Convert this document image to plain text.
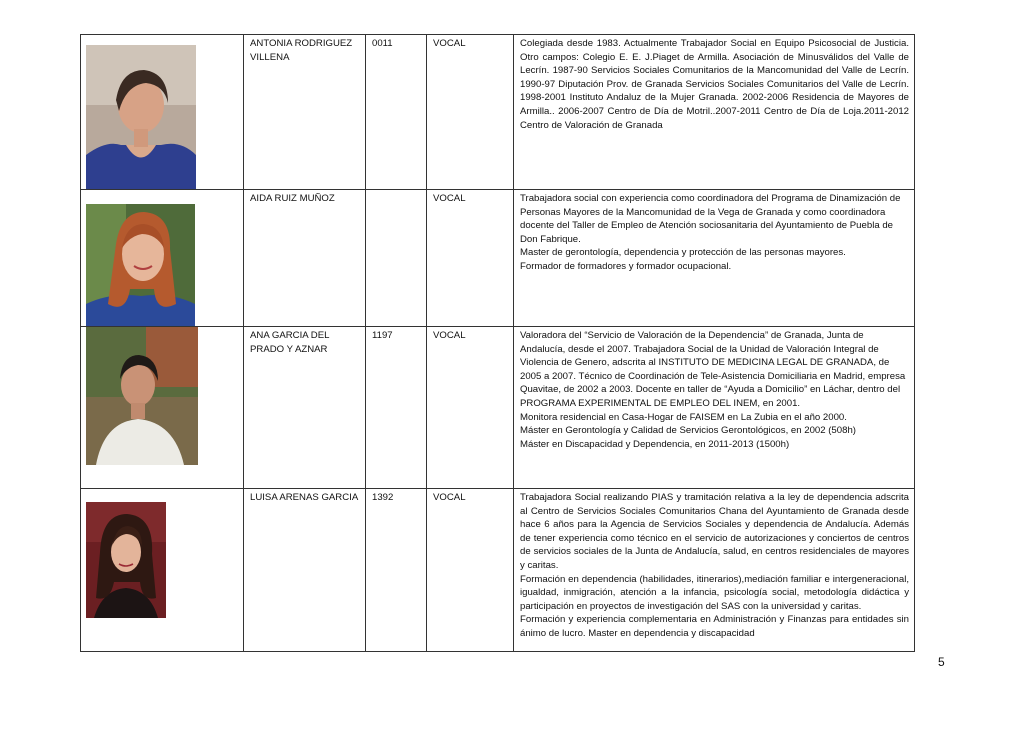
	ANTONIA RODRIGUEZ VILLENA	0011	VOCAL	Colegiada desde 1983. Actualmente Trabajador Social en Equipo Psicosocial de Justicia. Otro campos: Colegio E. E. J.Piaget de Armilla. Asociación de Minusválidos del Valle de Lecrín. 1987-90 Servicios Sociales Comunitarios de la Mancomunidad del Valle de Lecrín. 1990-97 Diputación Prov. de Granada Servicios Sociales Comunitarios del Valle de Lecrín. 1998-2001 Instituto Andaluz de la Mujer Granada. 2002-2006 Residencia de Mayores de Armilla.. 2006-2007 Centro de Día de Motril..2007-2011 Centro de Día de Loja.2011-2012 Centro de Valoración de Granada

	AIDA RUIZ MUÑOZ		VOCAL	Trabajadora social con experiencia como coordinadora del Programa de Dinamización de Personas Mayores de la Mancomunidad de la Vega de Granada y como coordinadora docente del Taller de Empleo de Atención sociosanitaria del Ayuntamiento de Puebla de Don Fabrique.
Master de gerontología, dependencia y protección de las personas mayores.
Formador de formadores y formador ocupacional.

	ANA GARCIA DEL PRADO Y AZNAR	1197	VOCAL	Valoradora del “Servicio de Valoración de la Dependencia” de Granada, Junta de Andalucía, desde el 2007. Trabajadora Social de la Unidad de Valoración Integral de Violencia de Genero, adscrita al INSTITUTO DE MEDICINA LEGAL DE GRANADA, de 2005 a 2007. Técnico de Coordinación de Tele-Asistencia Domiciliaria en Madrid, empresa Quavitae, de 2002 a 2003. Docente en taller de “Ayuda a Domicilio” en Láchar, dentro del PROGRAMA EXPERIMENTAL DE EMPLEO DEL INEM, en 2001.
Monitora residencial en Casa-Hogar de FAISEM en La Zubia en el año 2000.
Máster en Gerontología y Calidad de Servicios Gerontológicos, en 2002 (508h)
Máster en Discapacidad y Dependencia, en 2011-2013 (1500h)

	LUISA ARENAS GARCIA	1392	VOCAL	Trabajadora Social realizando PIAS y tramitación relativa a la ley de dependencia adscrita al Centro de Servicios Sociales Comunitarios Chana del Ayuntamiento de Granada desde hace 6 años para la Agencia de Servicios Sociales y dependencia de Andalucía. Además de tener experiencia como técnico en el servicio de autorizaciones y conciertos de centros de servicios sociales de la Junta de Andalucía, salud, en centros residenciales de mayores y caritas.
Formación en dependencia (habilidades, itinerarios),mediación familiar e intergeneracional, igualdad, inmigración, atención a la infancia, psicología social, metodología didáctica y participación en proyectos de investigación del SAS con la universidad y caritas.
Formación y experiencia complementaria en Administración y Finanzas para entidades sin ánimo de lucro. Master en dependencia y discapacidad
5
